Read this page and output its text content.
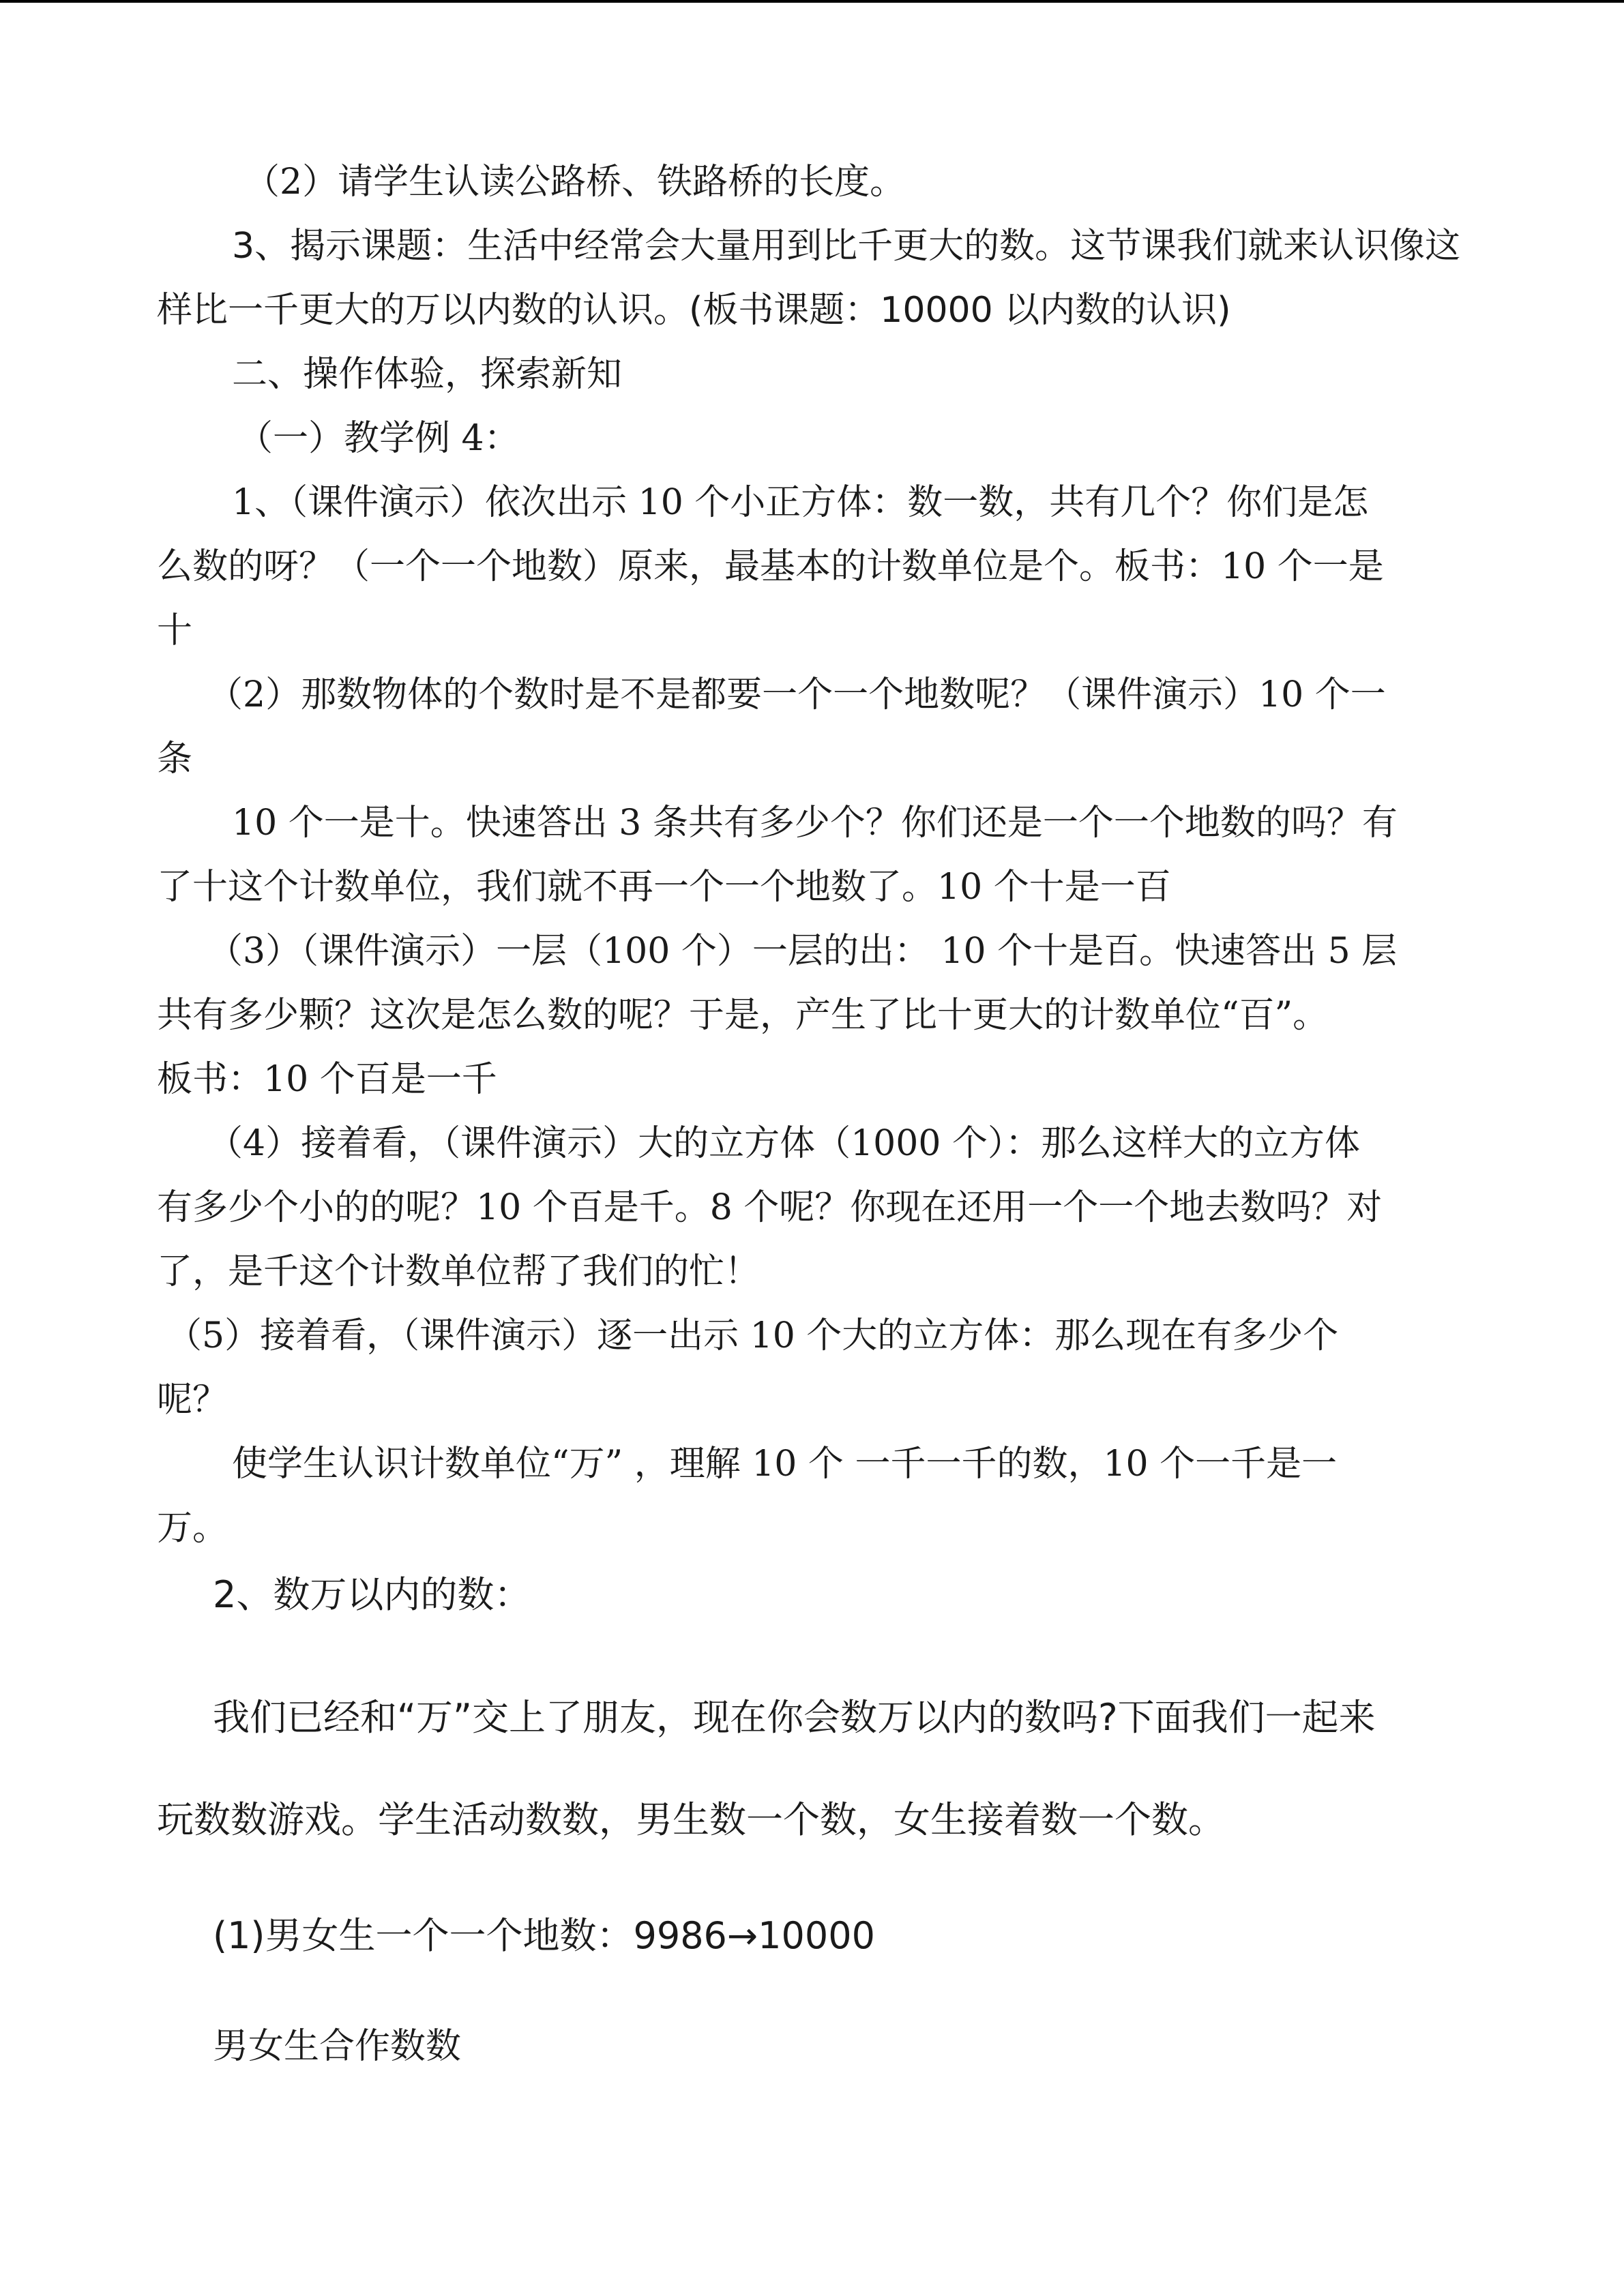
（2）请学生认读公路桥、铁路桥的长度。

3、揭示课题：生活中经常会大量用到比千更大的数。这节课我们就来认识像这
样比一千更大的万以内数的认识。(板书课题：10000 以内数的认识)

二、操作体验，探索新知

（一）教学例 4：

1、（课件演示）依次出示 10 个小正方体：数一数，共有几个？你们是怎
么数的呀？（一个一个地数）原来，最基本的计数单位是个。板书：10 个一是
十

（2）那数物体的个数时是不是都要一个一个地数呢？（课件演示）10 个一
条

10 个一是十。快速答出 3 条共有多少个？你们还是一个一个地数的吗？有
了十这个计数单位，我们就不再一个一个地数了。10 个十是一百

（3）（课件演示）一层（100 个）一层的出： 10 个十是百。快速答出 5 层
共有多少颗？这次是怎么数的呢？于是，产生了比十更大的计数单位“百”。
板书：10 个百是一千

（4）接着看，（课件演示）大的立方体（1000 个）：那么这样大的立方体
有多少个小的的呢？10 个百是千。8 个呢？你现在还用一个一个地去数吗？对
了，是千这个计数单位帮了我们的忙！

（5）接着看，（课件演示）逐一出示 10 个大的立方体：那么现在有多少个
呢？

使学生认识计数单位“万” ，理解 10 个 一千一千的数，10 个一千是一
万。

2、数万以内的数：

我们已经和“万”交上了朋友，现在你会数万以内的数吗?下面我们一起来
玩数数游戏。学生活动数数，男生数一个数，女生接着数一个数。

(1)男女生一个一个地数：9986→10000

男女生合作数数
